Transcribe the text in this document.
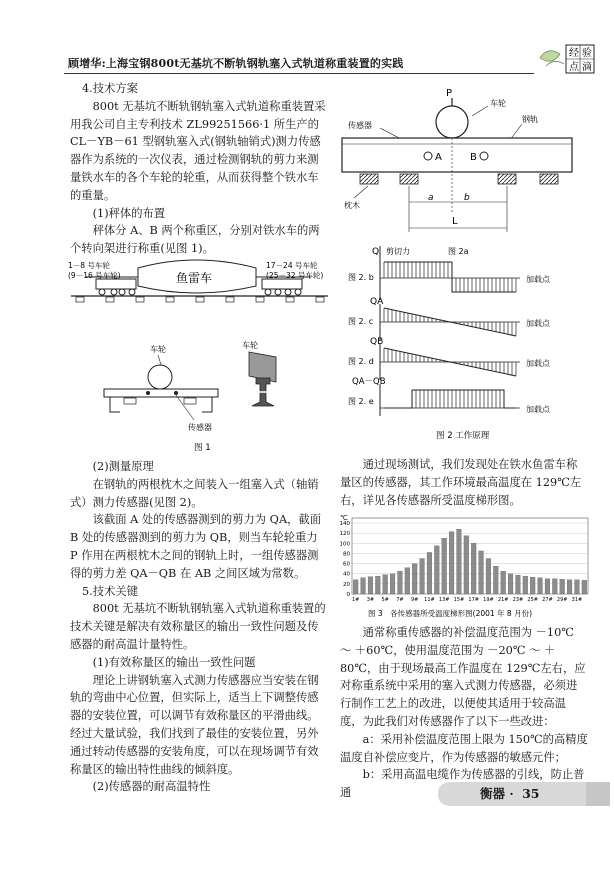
顾增华:上海宝钢800t无基坑不断轨钢轨塞入式轨道称重装置的实践
经 验
点 滴

4.技术方案

800t 无基坑不断轨钢轨塞入式轨道称重装置采用我公司自主专利技术 ZL99251566·1 所生产的 CL－YB－61 型钢轨塞入式(钢轨轴销式)测力传感器作为系统的一次仪表，通过检测钢轨的剪力来测量铁水车的各个车轮的轮重，从而获得整个铁水车的重量。

(1)秤体的布置

秤体分 A、B 两个称重区，分别对铁水车的两个转向架进行称重(见图 1)。

鱼雷车
1－8 号车轮
(9－16 号车轮)
17－24 号车轮
(25－32 号车轮)
车轮
传感器
车轮
图 1

(2)测量原理

在钢轨的两根枕木之间装入一组塞入式（轴销式）测力传感器(见图 2)。

该截面 A 处的传感器测到的剪力为 QA，截面 B 处的传感器测到的剪力为 QB，则当车轮轮重力 P 作用在两根枕木之间的钢轨上时，一组传感器测得的剪力差 QA－QB 在 AB 之间区域为常数。

5.技术关键

800t 无基坑不断轨钢轨塞入式轨道称重装置的技术关键是解决有效称量区的输出一致性问题及传感器的耐高温计量特性。

(1)有效称量区的输出一致性问题

理论上讲钢轨塞入式测力传感器应当安装在钢轨的弯曲中心位置，但实际上，适当上下调整传感器的安装位置，可以调节有效称量区的平滑曲线。经过大量试验，我们找到了最佳的安装位置，另外通过转动传感器的安装角度，可以在现场调节有效称量区的输出特性曲线的倾斜度。

(2)传感器的耐高温特性

P
车轮
传感器
钢轨
A	B
枕木
a	b
L
图 2a
Q 剪切力
图 2. b	加载点
QA
图 2. c	加载点
QB
图 2. d	加载点
QA－QB
图 2. e
加载点
图 2 工作原理

通过现场测试，我们发现处在铁水鱼雷车称量区的传感器，其工作环境最高温度在 129℃左右，详见各传感器所受温度梯形图。

℃
0
20
40
60
80
100
120
140
1# 3# 5# 7# 9# 11# 13# 15# 17# 19# 21# 23# 25# 27# 29# 31#
图 3　各传感器所受温度梯形图(2001 年 8 月份)

通常称重传感器的补偿温度范围为 －10℃ ～ ＋60℃，使用温度范围为 －20℃ ～ ＋80℃，由于现场最高工作温度在 129℃左右，应对称重系统中采用的塞入式测力传感器，必须进行制作工艺上的改进，以便使其适用于较高温度，为此我们对传感器作了以下一些改进：

a：采用补偿温度范围上限为 150℃的高精度温度自补偿应变片，作为传感器的敏感元件；

b：采用高温电缆作为传感器的引线，防止普通	衡器 · 35
